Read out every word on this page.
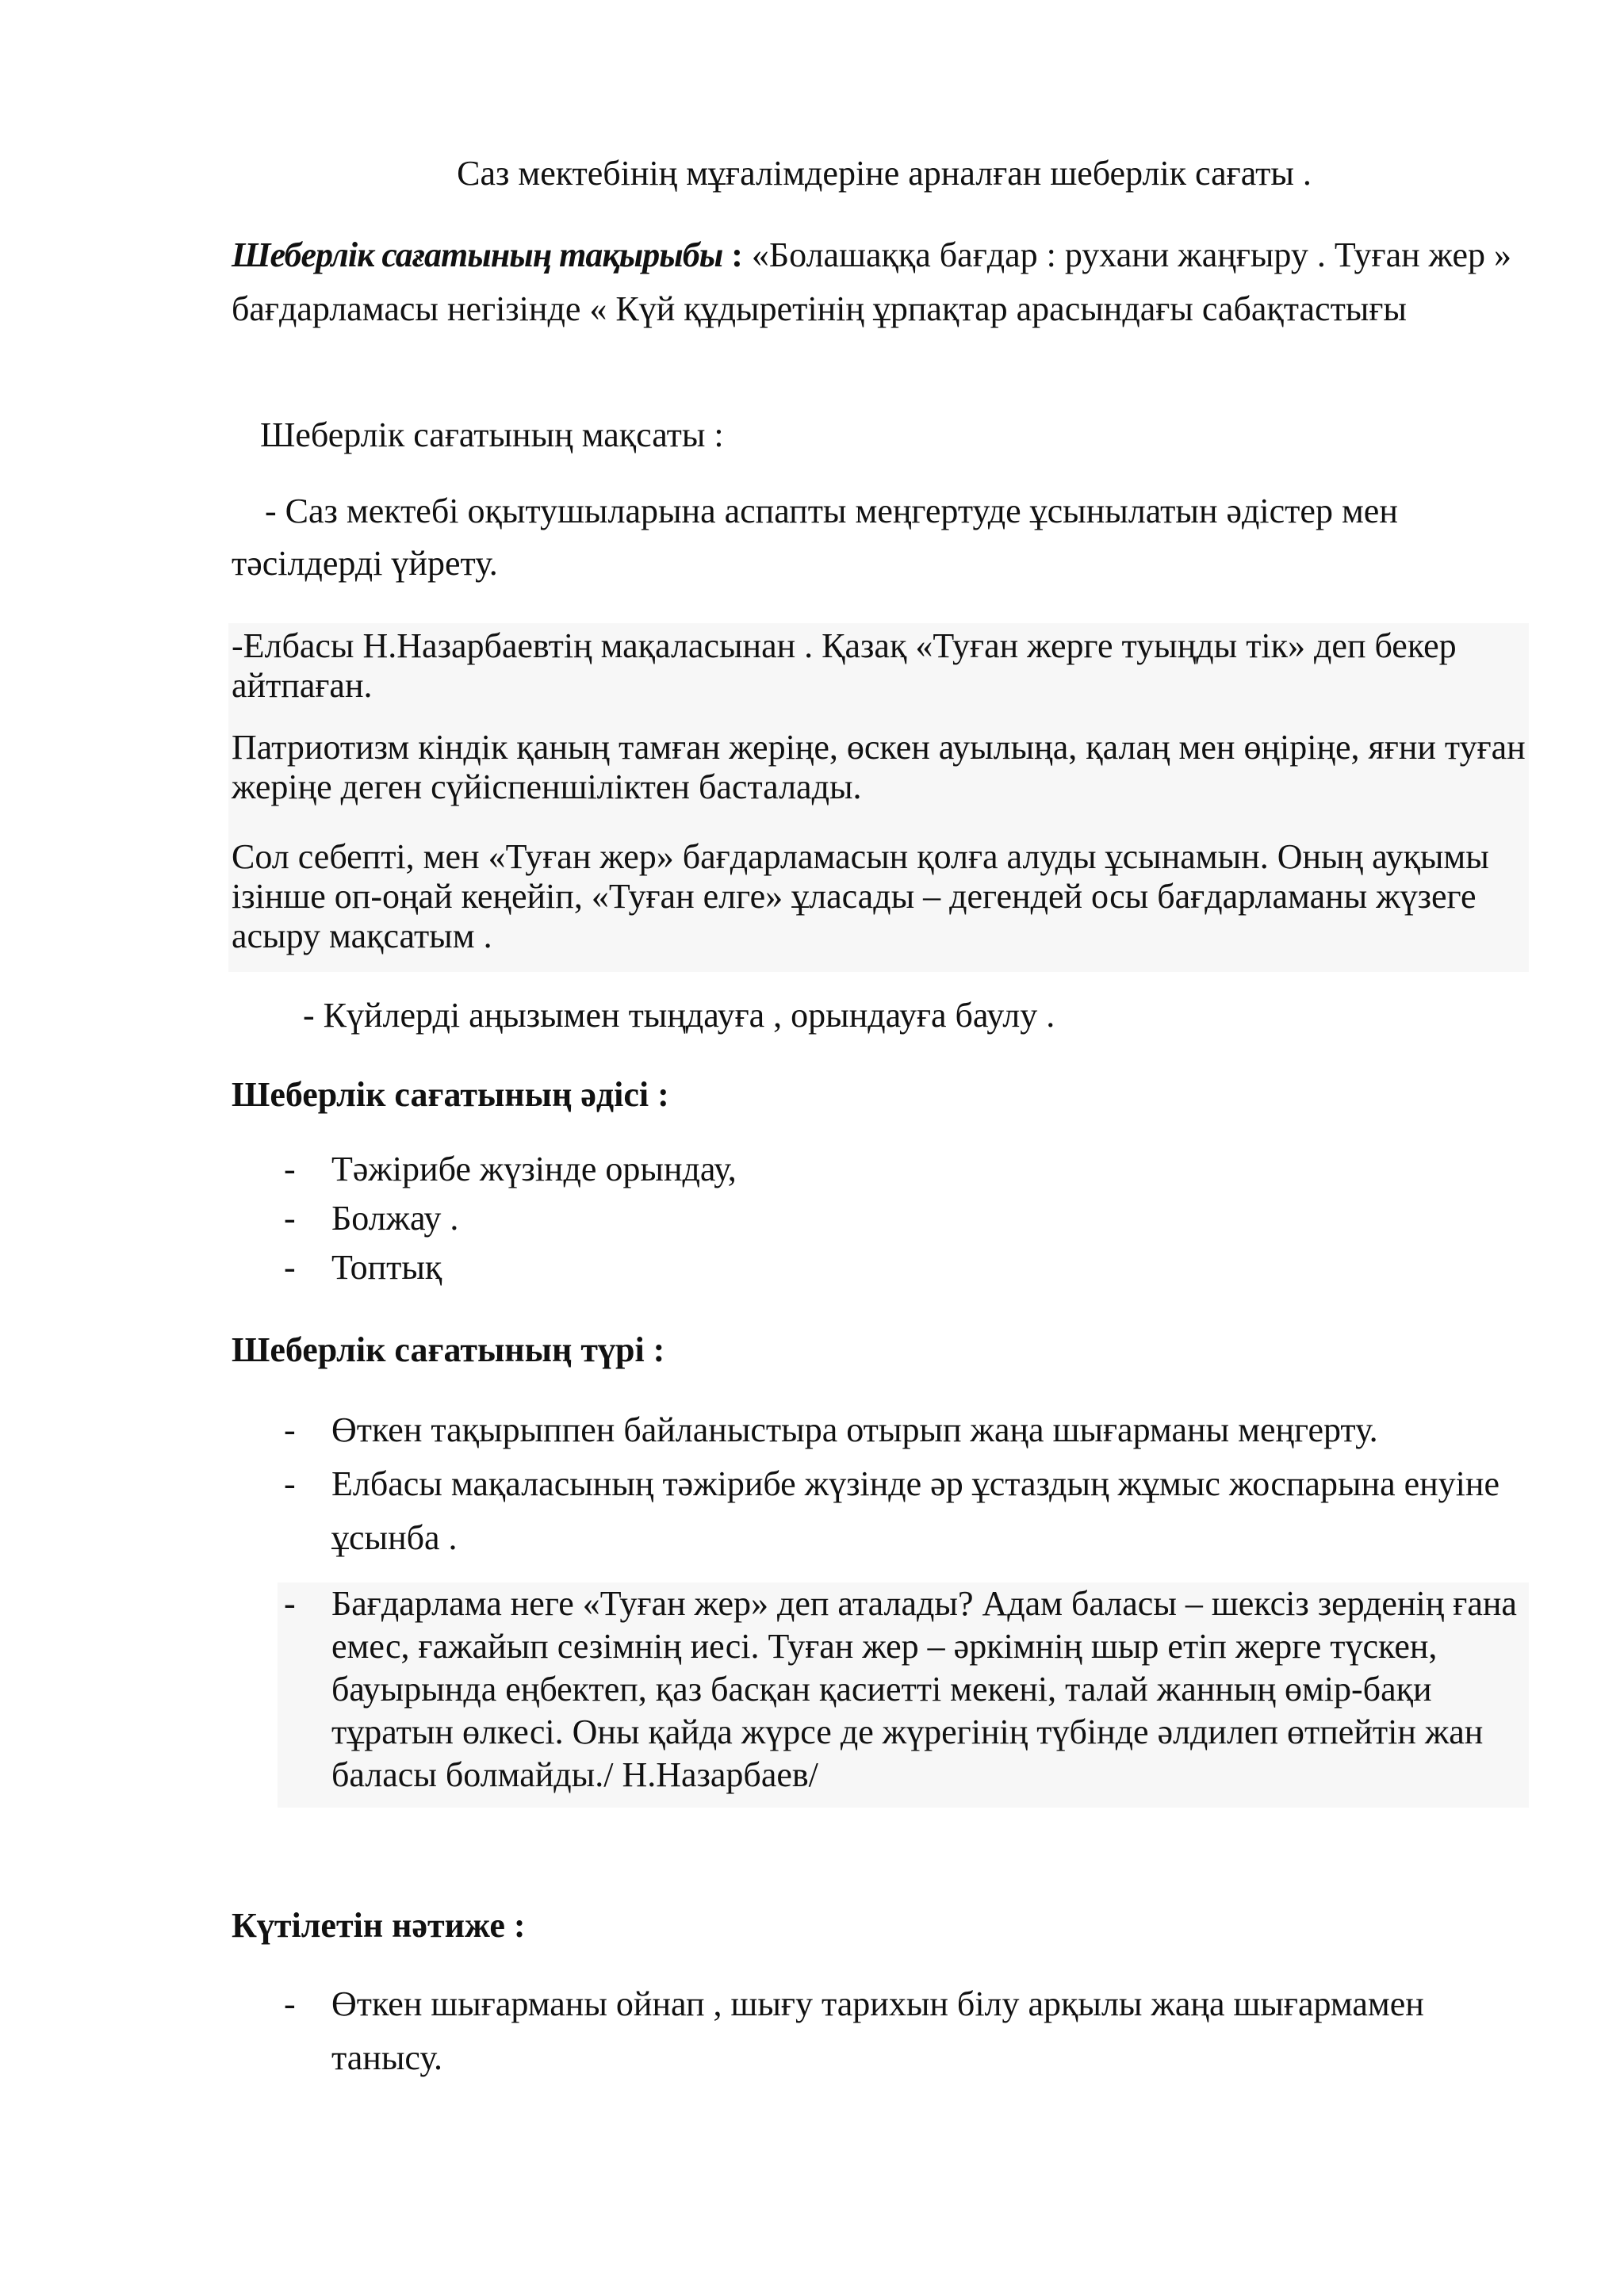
Саз мектебінің мұғалімдеріне арналған шеберлік сағаты .

Шеберлік сағатының тақырыбы : «Болашаққа бағдар : рухани жаңғыру . Туған жер » бағдарламасы негізінде « Күй құдыретінің ұрпақтар арасындағы сабақтастығы

Шеберлік сағатының мақсаты :

- Саз мектебі оқытушыларына аспапты меңгертуде ұсынылатын әдістер мен тәсілдерді үйрету.

-Елбасы Н.Назарбаевтің мақаласынан . Қазақ «Туған жерге туыңды тік» деп бекер айтпаған.

Патриотизм кіндік қаның тамған жеріңе, өскен ауылыңа, қалаң мен өңіріңе, яғни туған жеріңе деген сүйіспеншіліктен басталады.

Сол себепті, мен «Туған жер» бағдарламасын қолға алуды ұсынамын. Оның ауқымы ізінше оп-оңай кеңейіп, «Туған елге» ұласады – дегендей осы бағдарламаны жүзеге асыру мақсатым .

- Күйлерді аңызымен тыңдауға , орындауға баулу .

Шеберлік сағатының әдісі :

- Тәжірибе жүзінде орындау,
- Болжау .
- Топтық

Шеберлік сағатының түрі :

- Өткен тақырыппен байланыстыра отырып жаңа шығарманы меңгерту.
- Елбасы мақаласының тәжірибе жүзінде әр ұстаздың жұмыс жоспарына енуіне ұсынба .
- Бағдарлама неге «Туған жер» деп аталады? Адам баласы – шексіз зерденің ғана емес, ғажайып сезімнің иесі. Туған жер – әркімнің шыр етіп жерге түскен, бауырында еңбектеп, қаз басқан қасиетті мекені, талай жанның өмір-бақи тұратын өлкесі. Оны қайда жүрсе де жүрегінің түбінде әлдилеп өтпейтін жан баласы болмайды./ Н.Назарбаев/

Күтілетін нәтиже :

- Өткен шығарманы ойнап , шығу тарихын білу арқылы жаңа шығармамен танысу.
